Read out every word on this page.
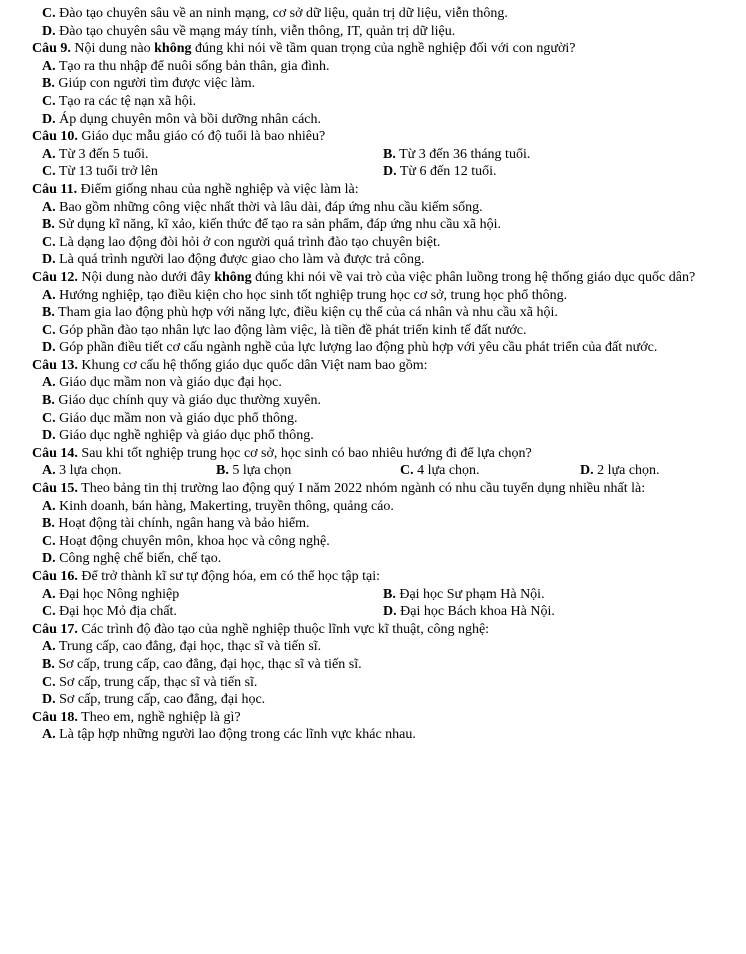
C. Đào tạo chuyên sâu về an ninh mạng, cơ sở dữ liệu, quản trị dữ liệu, viễn thông.
D. Đào tạo chuyên sâu về mạng máy tính, viễn thông, IT, quản trị dữ liệu.
Câu 9. Nội dung nào không đúng khi nói về tầm quan trọng của nghề nghiệp đối với con người?
A. Tạo ra thu nhập để nuôi sống bản thân, gia đình.
B. Giúp con người tìm được việc làm.
C. Tạo ra các tệ nạn xã hội.
D. Áp dụng chuyên môn và bồi dưỡng nhân cách.
Câu 10. Giáo dục mẫu giáo có độ tuổi là bao nhiêu?
A. Từ 3 đến 5 tuổi.	B. Từ 3 đến 36 tháng tuổi.
C. Từ 13 tuổi trở lên	D. Từ 6 đến 12 tuổi.
Câu 11. Điểm giống nhau của nghề nghiệp và việc làm là:
A. Bao gồm những công việc nhất thời và lâu dài, đáp ứng nhu cầu kiếm sống.
B. Sử dụng kĩ năng, kĩ xảo, kiến thức để tạo ra sản phẩm, đáp ứng nhu cầu xã hội.
C. Là dạng lao động đòi hỏi ở con người quá trình đào tạo chuyên biệt.
D. Là quá trình người lao động được giao cho làm và được trả công.
Câu 12. Nội dung nào dưới đây không đúng khi nói về vai trò của việc phân luồng trong hệ thống giáo dục quốc dân?
A. Hướng nghiệp, tạo điều kiện cho học sinh tốt nghiệp trung học cơ sở, trung học phổ thông.
B. Tham gia lao động phù hợp với năng lực, điều kiện cụ thể của cá nhân và nhu cầu xã hội.
C. Góp phần đào tạo nhân lực lao động làm việc, là tiền đề phát triển kinh tế đất nước.
D. Góp phần điều tiết cơ cấu ngành nghề của lực lượng lao động phù hợp với yêu cầu phát triển của đất nước.
Câu 13. Khung cơ cấu hệ thống giáo dục quốc dân Việt nam bao gồm:
A. Giáo dục mầm non và giáo dục đại học.
B. Giáo dục chính quy và giáo dục thường xuyên.
C. Giáo dục mầm non và giáo dục phổ thông.
D. Giáo dục nghề nghiệp và giáo dục phổ thông.
Câu 14. Sau khi tốt nghiệp trung học cơ sở, học sinh có bao nhiêu hướng đi để lựa chọn?
A. 3 lựa chọn.	B. 5 lựa chọn	C. 4 lựa chọn.	D. 2 lựa chọn.
Câu 15. Theo bảng tin thị trường lao động quý I năm 2022 nhóm ngành có nhu cầu tuyển dụng nhiều nhất là:
A. Kinh doanh, bán hàng, Makerting, truyền thông, quảng cáo.
B. Hoạt động tài chính, ngân hang và bảo hiểm.
C. Hoạt động chuyên môn, khoa học và công nghệ.
D. Công nghệ chế biến, chế tạo.
Câu 16. Để trở thành kĩ sư tự động hóa, em có thể học tập tại:
A. Đại học Nông nghiệp	B. Đại học Sư phạm Hà Nội.
C. Đại học Mỏ địa chất.	D. Đại học Bách khoa Hà Nội.
Câu 17. Các trình độ đào tạo của nghề nghiệp thuộc lĩnh vực kĩ thuật, công nghệ:
A. Trung cấp, cao đẳng, đại học, thạc sĩ và tiến sĩ.
B. Sơ cấp, trung cấp, cao đẳng, đại học, thạc sĩ và tiến sĩ.
C. Sơ cấp, trung cấp, thạc sĩ và tiến sĩ.
D. Sơ cấp, trung cấp, cao đẳng, đại học.
Câu 18. Theo em, nghề nghiệp là gì?
A. Là tập hợp những người lao động trong các lĩnh vực khác nhau.
